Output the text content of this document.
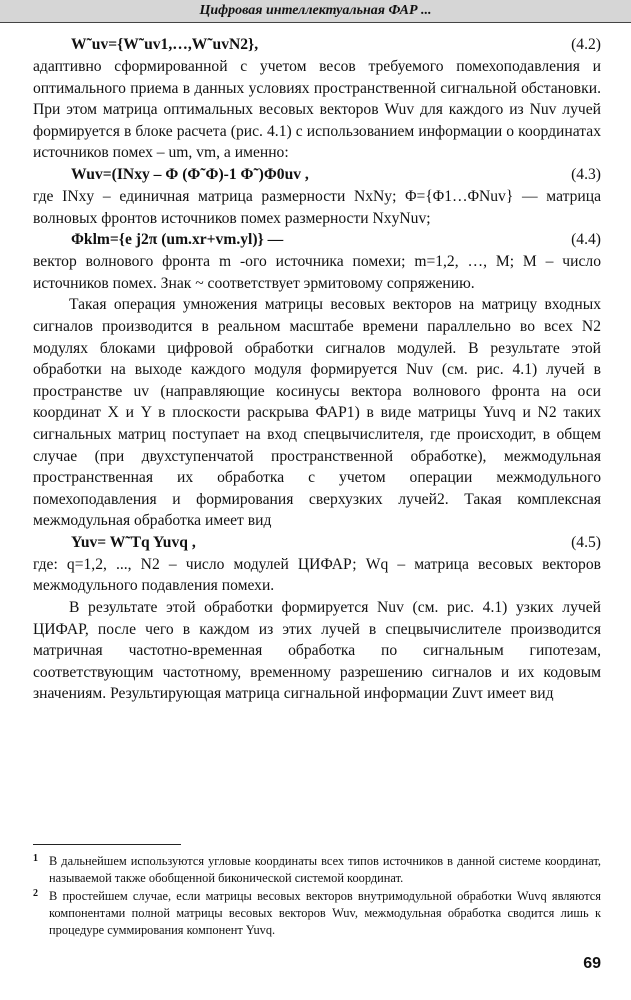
Цифровая интеллектуальная ФАР ...
W˜uv={W˜uv1,…,W˜uvN2},	(4.2)

адаптивно сформированной с учетом весов требуемого помехоподавления и оптимального приема в данных условиях пространственной сигнальной обстановки. При этом матрица оптимальных весовых векторов Wuv для каждого из Nuv лучей формируется в блоке расчета (рис. 4.1) с использованием информации о координатах источников помех – um, vm, а именно:

Wuv=(INxy – Φ (Φ˜Φ)-1 Φ˜)Φ0uv ,	(4.3)

где INxy – единичная матрица размерности NxNy; Φ={Φ1…ΦNuv} — матрица волновых фронтов источников помех размерности NxyNuv;

Φklm={e j2π (um.xr+vm.yl)} —	(4.4)

вектор волнового фронта m -ого источника помехи; m=1,2, …, M; M – число источников помех. Знак ~ соответствует эрмитовому сопряжению.

Такая операция умножения матрицы весовых векторов на матрицу входных сигналов производится в реальном масштабе времени параллельно во всех N2 модулях блоками цифровой обработки сигналов модулей. В результате этой обработки на выходе каждого модуля формируется Nuv (см. рис. 4.1) лучей в пространстве uv (направляющие косинусы вектора волнового фронта на оси координат X и Y в плоскости раскрыва ФАР1) в виде матрицы Yuvq и N2 таких сигнальных матриц поступает на вход спецвычислителя, где происходит, в общем случае (при двухступенчатой пространственной обработке), межмодульная пространственная их обработка с учетом операции межмодульного помехоподавления и формирования сверхузких лучей2. Такая комплексная межмодульная обработка имеет вид

Yuv= W˜Tq Yuvq ,	(4.5)

где: q=1,2, ..., N2 – число модулей ЦИФАР; Wq – матрица весовых векторов межмодульного подавления помехи.

В результате этой обработки формируется Nuv (см. рис. 4.1) узких лучей ЦИФАР, после чего в каждом из этих лучей в спецвычислителе производится матричная частотно-временная обработка по сигнальным гипотезам, соответствующим частотному, временному разрешению сигналов и их кодовым значениям. Результирующая матрица сигнальной информации Zuvτ имеет вид

1 В дальнейшем используются угловые координаты всех типов источников в данной системе координат, называемой также обобщенной биконической системой координат.
2 В простейшем случае, если матрицы весовых векторов внутримодульной обработки Wuvq являются компонентами полной матрицы весовых векторов Wuv, межмодульная обработка сводится лишь к процедуре суммирования компонент Yuvq.
69
